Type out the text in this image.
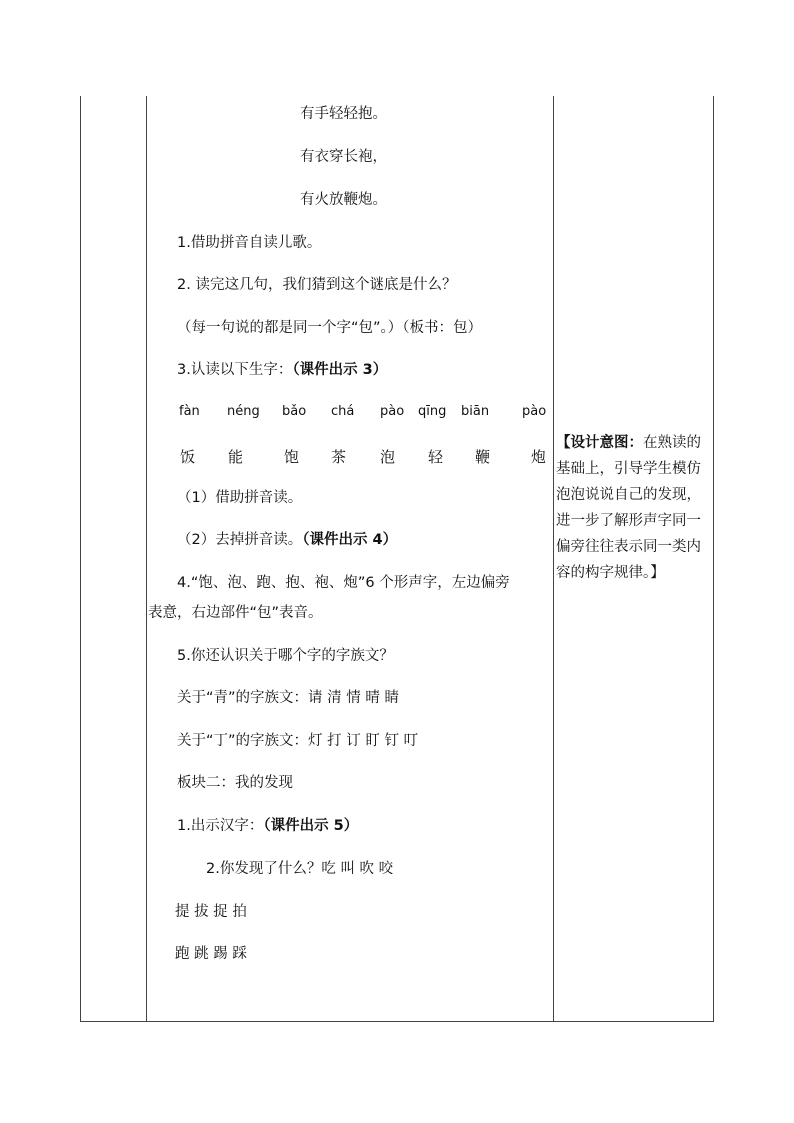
有手轻轻抱。
有衣穿长袍，
有火放鞭炮。
1.借助拼音自读儿歌。
2. 读完这几句，我们猜到这个谜底是什么？
（每一句说的都是同一个字“包”。）（板书：包）
3.认读以下生字：（课件出示 3）
fàn néng bǎo chá pào qīng biān	pào
饭 能	饱 茶 泡 轻 鞭	炮
（1）借助拼音读。
（2）去掉拼音读。（课件出示 4）
4.“饱、泡、跑、抱、袍、炮”6 个形声字，左边偏旁
表意，右边部件“包”表音。
5.你还认识关于哪个字的字族文？
关于“青”的字族文：请 清 情 晴 睛
关于“丁”的字族文：灯 打 订 盯 钉 叮
板块二：我的发现
1.出示汉字：（课件出示 5）
2.你发现了什么？吃 叫 吹 咬
提 拔 捉 拍
跑 跳 踢 踩
【设计意图：在熟读的基础上，引导学生模仿泡泡说说自己的发现，进一步了解形声字同一偏旁往往表示同一类内容的构字规律。】
